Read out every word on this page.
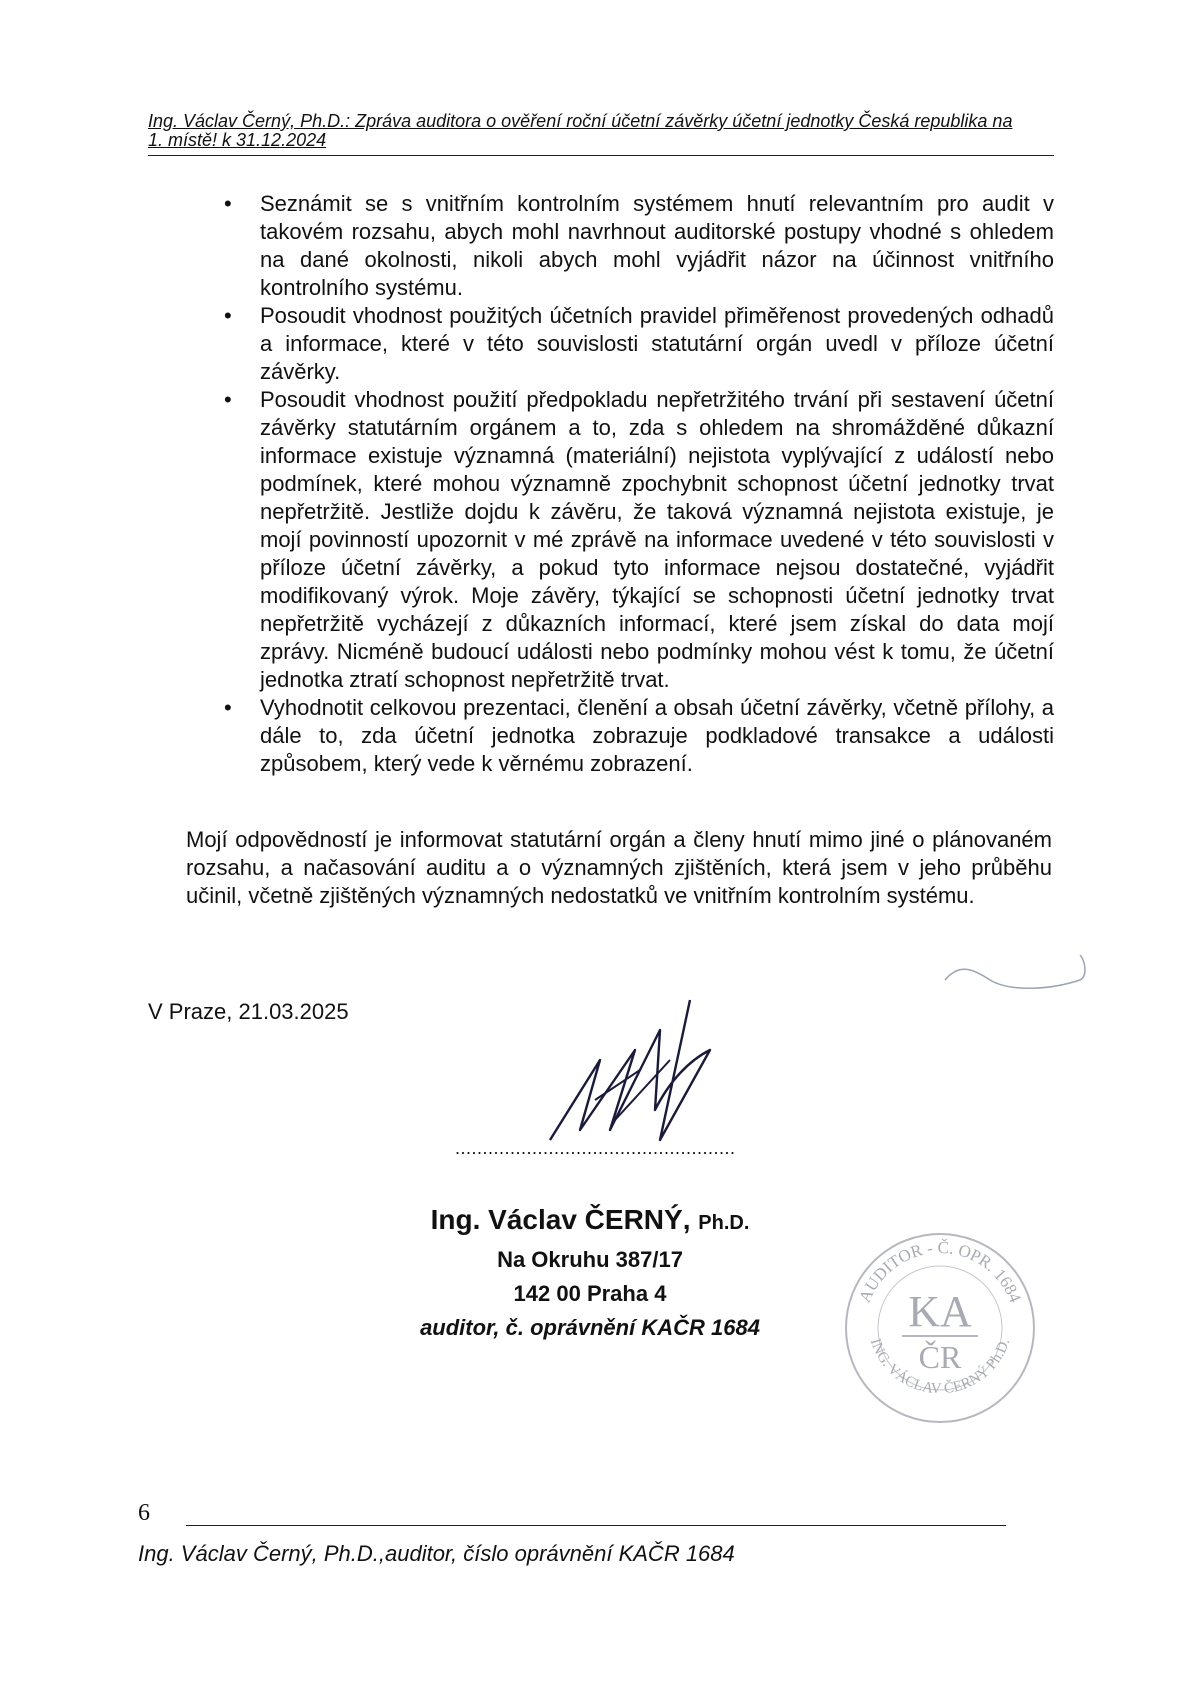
Ing. Václav Černý, Ph.D.: Zpráva auditora o ověření roční účetní závěrky účetní jednotky Česká republika na
1. místě! k 31.12.2024
• Seznámit se s vnitřním kontrolním systémem hnutí relevantním pro audit v takovém rozsahu, abych mohl navrhnout auditorské postupy vhodné s ohledem na dané okolnosti, nikoli abych mohl vyjádřit názor na účinnost vnitřního kontrolního systému.
• Posoudit vhodnost použitých účetních pravidel přiměřenost provedených odhadů a informace, které v této souvislosti statutární orgán uvedl v příloze účetní závěrky.
• Posoudit vhodnost použití předpokladu nepřetržitého trvání při sestavení účetní závěrky statutárním orgánem a to, zda s ohledem na shromážděné důkazní informace existuje významná (materiální) nejistota vyplývající z událostí nebo podmínek, které mohou významně zpochybnit schopnost účetní jednotky trvat nepřetržitě. Jestliže dojdu k závěru, že taková významná nejistota existuje, je mojí povinností upozornit v mé zprávě na informace uvedené v této souvislosti v příloze účetní závěrky, a pokud tyto informace nejsou dostatečné, vyjádřit modifikovaný výrok. Moje závěry, týkající se schopnosti účetní jednotky trvat nepřetržitě vycházejí z důkazních informací, které jsem získal do data mojí zprávy. Nicméně budoucí události nebo podmínky mohou vést k tomu, že účetní jednotka ztratí schopnost nepřetržitě trvat.
• Vyhodnotit celkovou prezentaci, členění a obsah účetní závěrky, včetně přílohy, a dále to, zda účetní jednotka zobrazuje podkladové transakce a události způsobem, který vede k věrnému zobrazení.

Mojí odpovědností je informovat statutární orgán a členy hnutí mimo jiné o plánovaném rozsahu, a načasování auditu a o významných zjištěních, která jsem v jeho průběhu učinil, včetně zjištěných významných nedostatků ve vnitřním kontrolním systému.

V Praze, 21.03.2025
...................................................
Ing. Václav ČERNÝ, Ph.D.
Na Okruhu 387/17
142 00 Praha 4
auditor, č. oprávnění KAČR 1684
AUDITOR - Č. OPR. 1684
ING. VÁCLAV ČERNÝ Ph.D.
KA
ČR
6
Ing. Václav Černý, Ph.D.,auditor, číslo oprávnění KAČR 1684
